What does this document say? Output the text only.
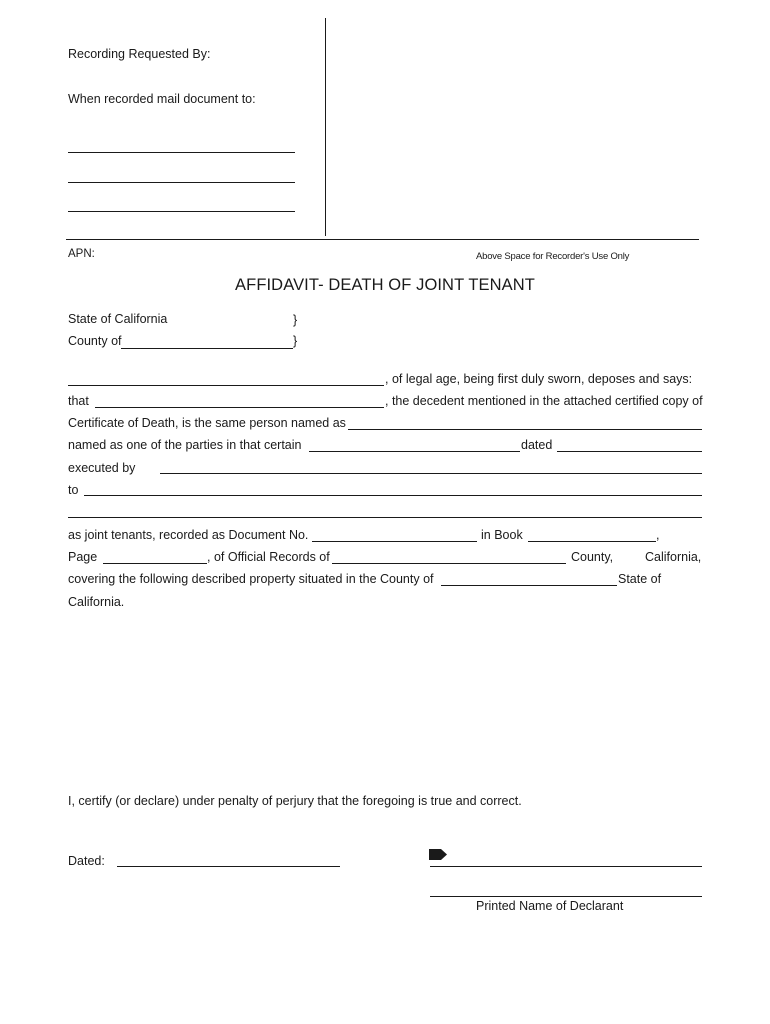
Recording Requested By:
When recorded mail document to:
APN:	Above Space for Recorder's Use Only
AFFIDAVIT- DEATH OF JOINT TENANT
State of California	}
County of	}
, of legal age, being first duly sworn, deposes and says:
that	, the decedent mentioned in the attached certified copy of
Certificate of Death, is the same person named as
named as one of the parties in that certain	dated
executed by
to
as joint tenants, recorded as Document No.	in Book	,
Page	, of Official Records of	County,	California,
covering the following described property situated in the County of	State of
California.
I, certify (or declare) under penalty of perjury that the foregoing is true and correct.
Dated:
Printed Name of Declarant
